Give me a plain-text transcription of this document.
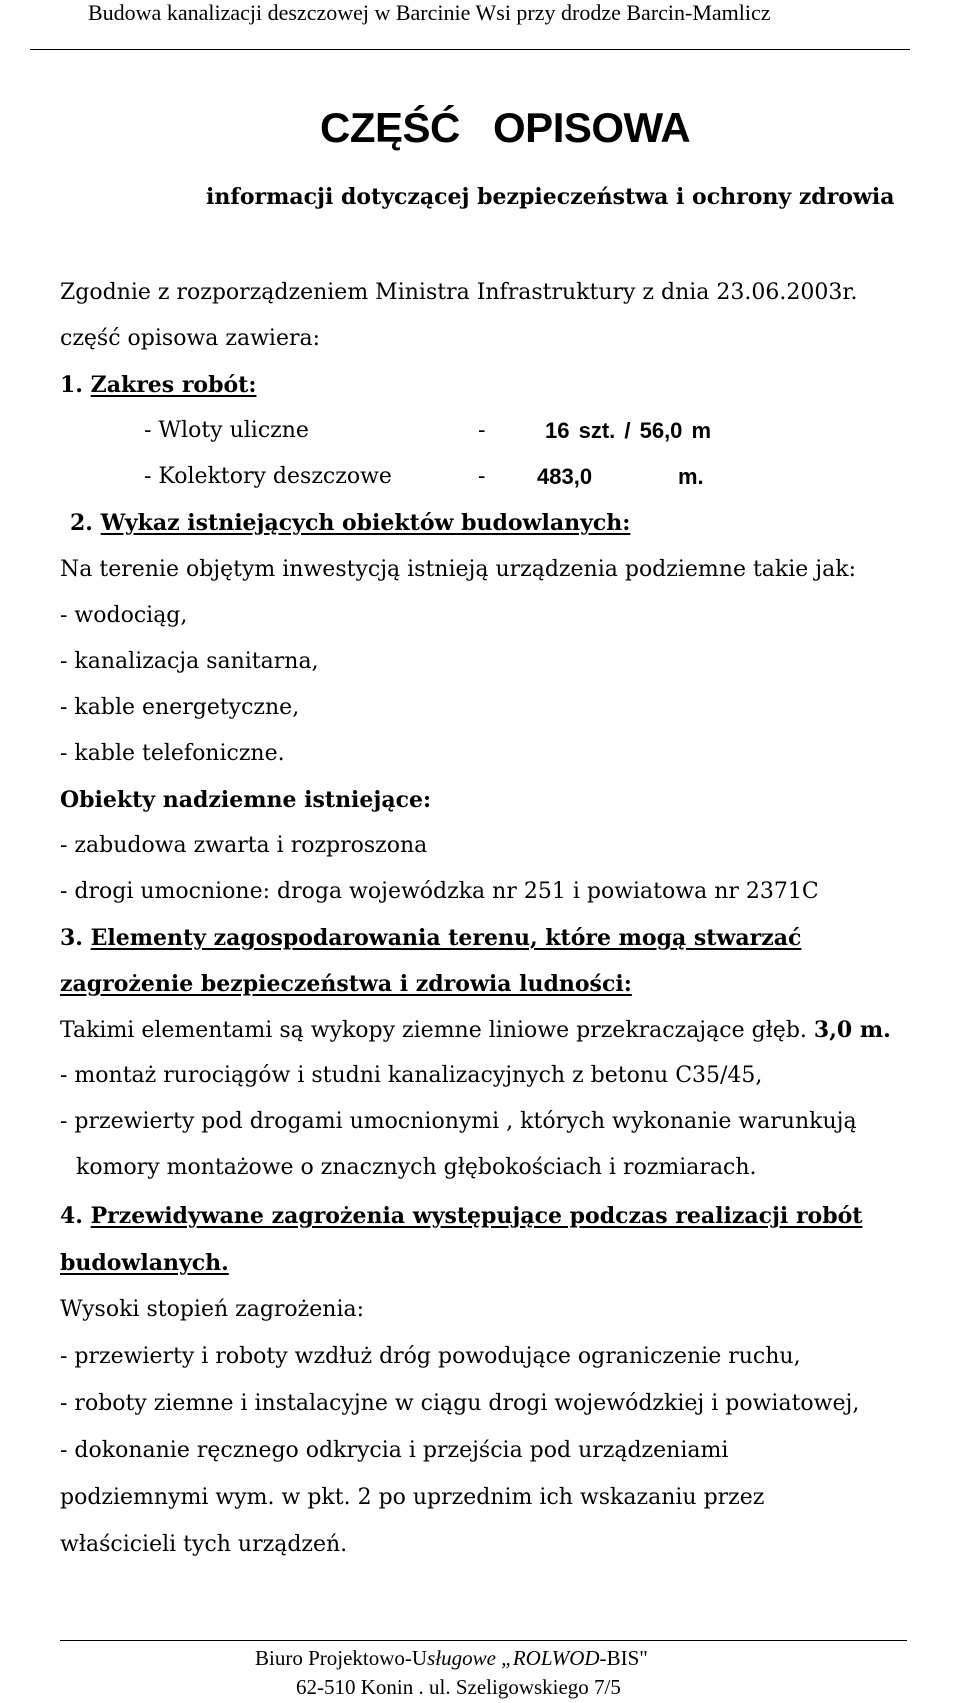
Budowa kanalizacji deszczowej w Barcinie Wsi przy drodze Barcin-Mamlicz
CZĘŚĆ OPISOWA
informacji dotyczącej bezpieczeństwa i ochrony zdrowia
Zgodnie z rozporządzeniem Ministra Infrastruktury z dnia 23.06.2003r.
część opisowa zawiera:
1. Zakres robót:
- Wloty uliczne	-	16 szt. / 56,0 m
- Kolektory deszczowe	- 483,0	m.
2. Wykaz istniejących obiektów budowlanych:
Na terenie objętym inwestycją istnieją urządzenia podziemne takie jak:
- wodociąg,
- kanalizacja sanitarna,
- kable energetyczne,
- kable telefoniczne.
Obiekty nadziemne istniejące:
- zabudowa zwarta i rozproszona
- drogi umocnione: droga wojewódzka nr 251 i powiatowa nr 2371C
3. Elementy zagospodarowania terenu, które mogą stwarzać
zagrożenie bezpieczeństwa i zdrowia ludności:
Takimi elementami są wykopy ziemne liniowe przekraczające głęb. 3,0 m.
- montaż rurociągów i studni kanalizacyjnych z betonu C35/45,
- przewierty pod drogami umocnionymi , których wykonanie warunkują
komory montażowe o znacznych głębokościach i rozmiarach.
4. Przewidywane zagrożenia występujące podczas realizacji robót
budowlanych.
Wysoki stopień zagrożenia:
- przewierty i roboty wzdłuż dróg powodujące ograniczenie ruchu,
- roboty ziemne i instalacyjne w ciągu drogi wojewódzkiej i powiatowej,
- dokonanie ręcznego odkrycia i przejścia pod urządzeniami
podziemnymi wym. w pkt. 2 po uprzednim ich wskazaniu przez
właścicieli tych urządzeń.
Biuro Projektowo-Usługowe „ROLWOD-BIS"
62-510 Konin . ul. Szeligowskiego 7/5
